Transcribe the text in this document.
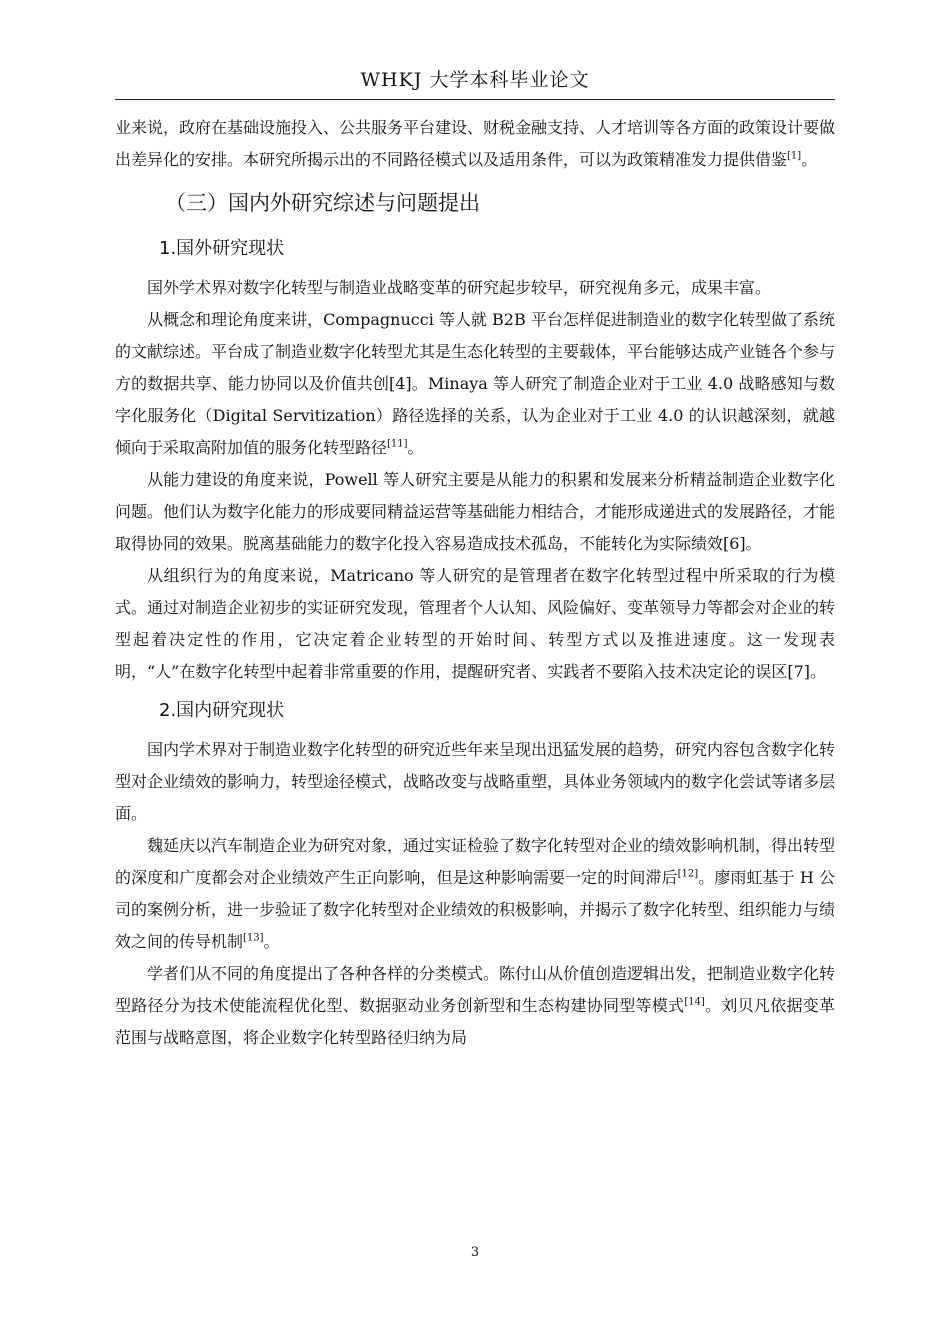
WHKJ 大学本科毕业论文

业来说，政府在基础设施投入、公共服务平台建设、财税金融支持、人才培训等各方面的政策设计要做出差异化的安排。本研究所揭示出的不同路径模式以及适用条件，可以为政策精准发力提供借鉴[1]。

（三）国内外研究综述与问题提出
1.国外研究现状

国外学术界对数字化转型与制造业战略变革的研究起步较早，研究视角多元，成果丰富。

从概念和理论角度来讲，Compagnucci 等人就 B2B 平台怎样促进制造业的数字化转型做了系统的文献综述。平台成了制造业数字化转型尤其是生态化转型的主要载体，平台能够达成产业链各个参与方的数据共享、能力协同以及价值共创[4]。Minaya 等人研究了制造企业对于工业 4.0 战略感知与数字化服务化（Digital Servitization）路径选择的关系，认为企业对于工业 4.0 的认识越深刻，就越倾向于采取高附加值的服务化转型路径[11]。

从能力建设的角度来说，Powell 等人研究主要是从能力的积累和发展来分析精益制造企业数字化问题。他们认为数字化能力的形成要同精益运营等基础能力相结合，才能形成递进式的发展路径，才能取得协同的效果。脱离基础能力的数字化投入容易造成技术孤岛，不能转化为实际绩效[6]。

从组织行为的角度来说，Matricano 等人研究的是管理者在数字化转型过程中所采取的行为模式。通过对制造企业初步的实证研究发现，管理者个人认知、风险偏好、变革领导力等都会对企业的转型起着决定性的作用，它决定着企业转型的开始时间、转型方式以及推进速度。这一发现表明，“人”在数字化转型中起着非常重要的作用，提醒研究者、实践者不要陷入技术决定论的误区[7]。

2.国内研究现状

国内学术界对于制造业数字化转型的研究近些年来呈现出迅猛发展的趋势，研究内容包含数字化转型对企业绩效的影响力，转型途径模式，战略改变与战略重塑，具体业务领域内的数字化尝试等诸多层面。

魏延庆以汽车制造企业为研究对象，通过实证检验了数字化转型对企业的绩效影响机制，得出转型的深度和广度都会对企业绩效产生正向影响，但是这种影响需要一定的时间滞后[12]。廖雨虹基于 H 公司的案例分析，进一步验证了数字化转型对企业绩效的积极影响，并揭示了数字化转型、组织能力与绩效之间的传导机制[13]。

学者们从不同的角度提出了各种各样的分类模式。陈付山从价值创造逻辑出发，把制造业数字化转型路径分为技术使能流程优化型、数据驱动业务创新型和生态构建协同型等模式[14]。刘贝凡依据变革范围与战略意图，将企业数字化转型路径归纳为局

3
